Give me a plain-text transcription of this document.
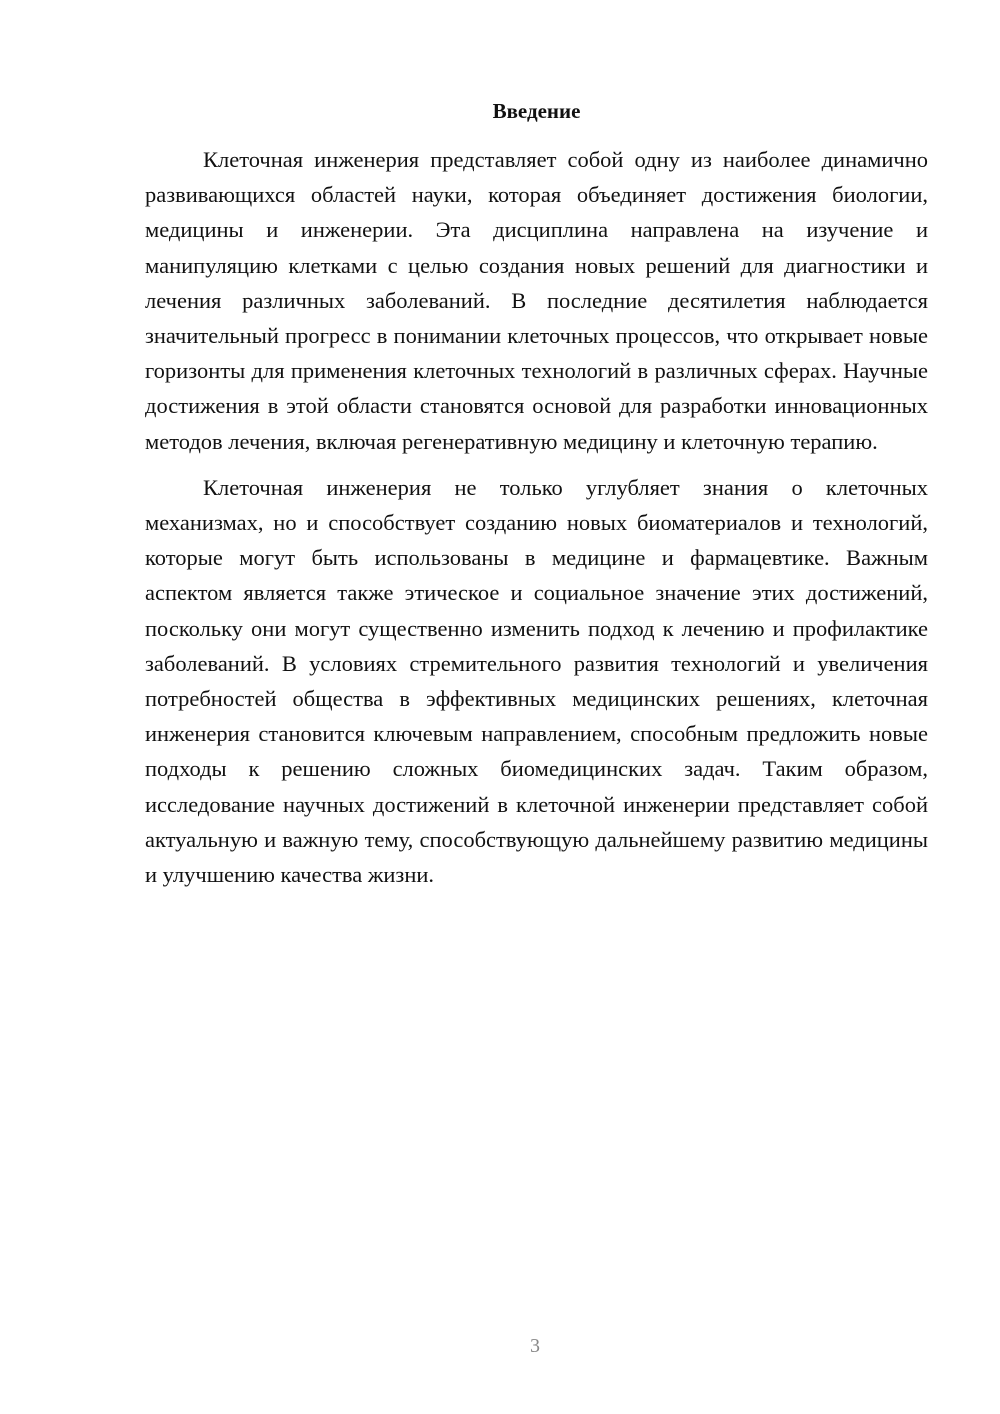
Введение

Клеточная инженерия представляет собой одну из наиболее динамично развивающихся областей науки, которая объединяет достижения биологии, медицины и инженерии. Эта дисциплина направлена на изучение и манипуляцию клетками с целью создания новых решений для диагностики и лечения различных заболеваний. В последние десятилетия наблюдается значительный прогресс в понимании клеточных процессов, что открывает новые горизонты для применения клеточных технологий в различных сферах. Научные достижения в этой области становятся основой для разработки инновационных методов лечения, включая регенеративную медицину и клеточную терапию.

Клеточная инженерия не только углубляет знания о клеточных механизмах, но и способствует созданию новых биоматериалов и технологий, которые могут быть использованы в медицине и фармацевтике. Важным аспектом является также этическое и социальное значение этих достижений, поскольку они могут существенно изменить подход к лечению и профилактике заболеваний. В условиях стремительного развития технологий и увеличения потребностей общества в эффективных медицинских решениях, клеточная инженерия становится ключевым направлением, способным предложить новые подходы к решению сложных биомедицинских задач. Таким образом, исследование научных достижений в клеточной инженерии представляет собой актуальную и важную тему, способствующую дальнейшему развитию медицины и улучшению качества жизни.

3
